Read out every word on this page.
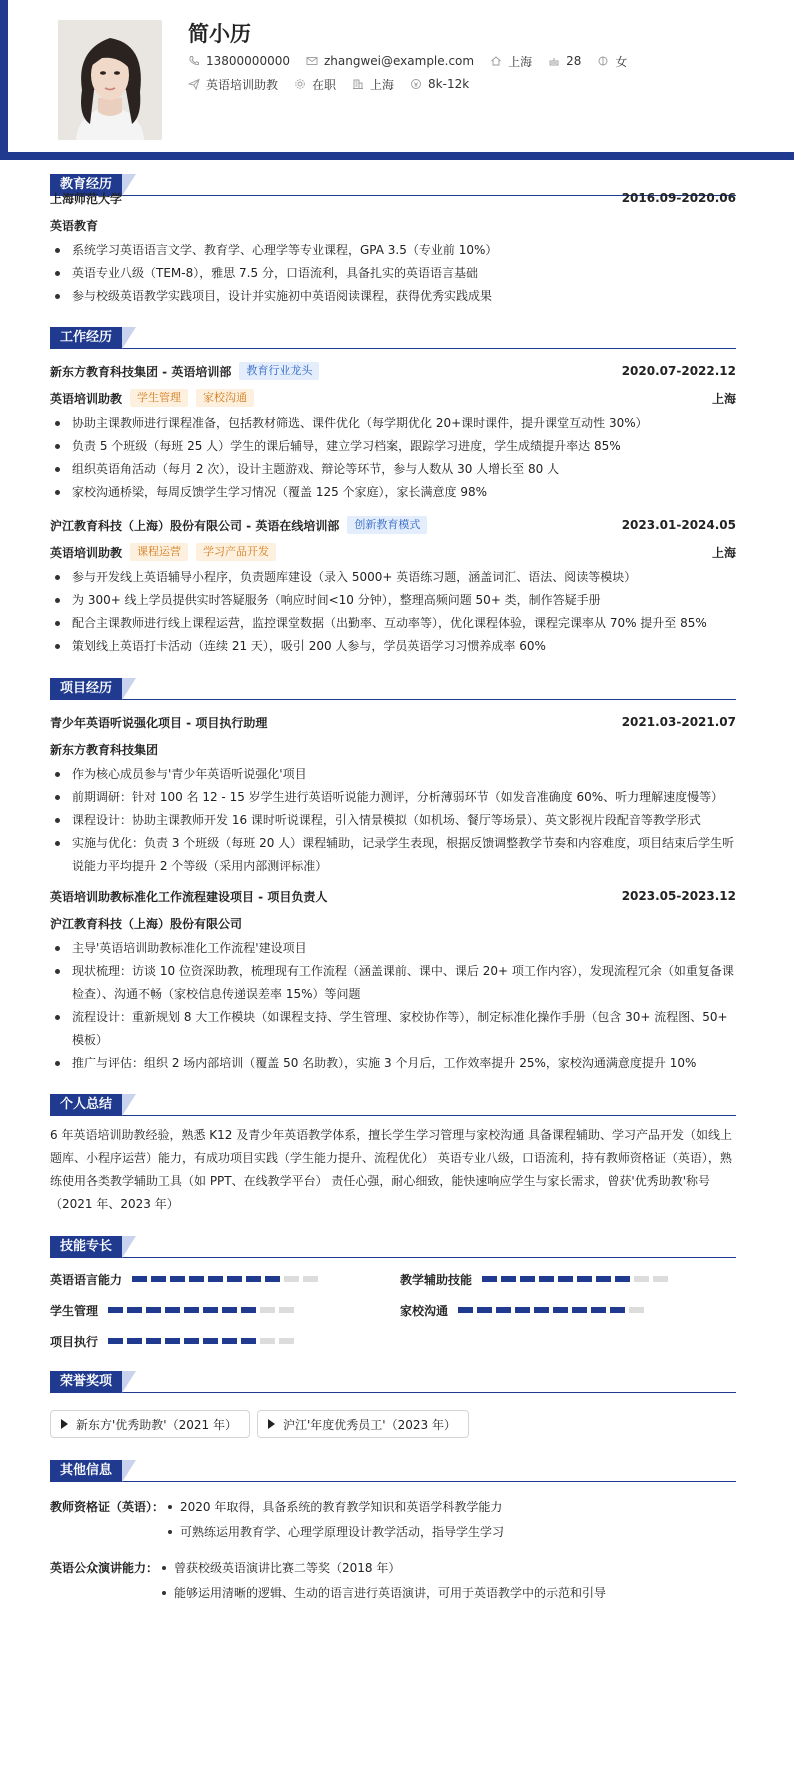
简小历
13800000000	zhangwei@example.com	上海	28	女
英语培训助教	在职	上海	8k-12k
教育经历
上海师范大学	2016.09-2020.06
英语教育
系统学习英语语言文学、教育学、心理学等专业课程，GPA 3.5（专业前 10%）
英语专业八级（TEM-8），雅思 7.5 分，口语流利，具备扎实的英语语言基础
参与校级英语教学实践项目，设计并实施初中英语阅读课程，获得优秀实践成果
工作经历
新东方教育科技集团 - 英语培训部	教育行业龙头	2020.07-2022.12
英语培训助教	学生管理	家校沟通	上海
协助主课教师进行课程准备，包括教材筛选、课件优化（每学期优化 20+课时课件，提升课堂互动性 30%）
负责 5 个班级（每班 25 人）学生的课后辅导，建立学习档案，跟踪学习进度，学生成绩提升率达 85%
组织英语角活动（每月 2 次），设计主题游戏、辩论等环节，参与人数从 30 人增长至 80 人
家校沟通桥梁，每周反馈学生学习情况（覆盖 125 个家庭），家长满意度 98%
沪江教育科技（上海）股份有限公司 - 英语在线培训部	创新教育模式	2023.01-2024.05
英语培训助教	课程运营	学习产品开发	上海
参与开发线上英语辅导小程序，负责题库建设（录入 5000+ 英语练习题，涵盖词汇、语法、阅读等模块）
为 300+ 线上学员提供实时答疑服务（响应时间<10 分钟），整理高频问题 50+ 类，制作答疑手册
配合主课教师进行线上课程运营，监控课堂数据（出勤率、互动率等），优化课程体验，课程完课率从 70% 提升至 85%
策划线上英语打卡活动（连续 21 天），吸引 200 人参与，学员英语学习习惯养成率 60%
项目经历
青少年英语听说强化项目 - 项目执行助理	2021.03-2021.07
新东方教育科技集团
作为核心成员参与'青少年英语听说强化'项目
前期调研：针对 100 名 12 - 15 岁学生进行英语听说能力测评，分析薄弱环节（如发音准确度 60%、听力理解速度慢等）
课程设计：协助主课教师开发 16 课时听说课程，引入情景模拟（如机场、餐厅等场景）、英文影视片段配音等教学形式
实施与优化：负责 3 个班级（每班 20 人）课程辅助，记录学生表现，根据反馈调整教学节奏和内容难度，项目结束后学生听说能力平均提升 2 个等级（采用内部测评标准）
英语培训助教标准化工作流程建设项目 - 项目负责人	2023.05-2023.12
沪江教育科技（上海）股份有限公司
主导'英语培训助教标准化工作流程'建设项目
现状梳理：访谈 10 位资深助教，梳理现有工作流程（涵盖课前、课中、课后 20+ 项工作内容），发现流程冗余（如重复备课检查）、沟通不畅（家校信息传递误差率 15%）等问题
流程设计：重新规划 8 大工作模块（如课程支持、学生管理、家校协作等），制定标准化操作手册（包含 30+ 流程图、50+ 模板）
推广与评估：组织 2 场内部培训（覆盖 50 名助教），实施 3 个月后，工作效率提升 25%，家校沟通满意度提升 10%
个人总结
6 年英语培训助教经验，熟悉 K12 及青少年英语教学体系，擅长学生学习管理与家校沟通 具备课程辅助、学习产品开发（如线上题库、小程序运营）能力，有成功项目实践（学生能力提升、流程优化） 英语专业八级，口语流利，持有教师资格证（英语），熟练使用各类教学辅助工具（如 PPT、在线教学平台） 责任心强，耐心细致，能快速响应学生与家长需求，曾获'优秀助教'称号（2021 年、2023 年）
技能专长
英语语言能力	教学辅助技能
学生管理	家校沟通
项目执行
荣誉奖项
新东方'优秀助教'（2021 年）	沪江'年度优秀员工'（2023 年）
其他信息
教师资格证（英语）：	2020 年取得，具备系统的教育教学知识和英语学科教学能力
可熟练运用教育学、心理学原理设计教学活动，指导学生学习
英语公众演讲能力：	曾获校级英语演讲比赛二等奖（2018 年）
能够运用清晰的逻辑、生动的语言进行英语演讲，可用于英语教学中的示范和引导
